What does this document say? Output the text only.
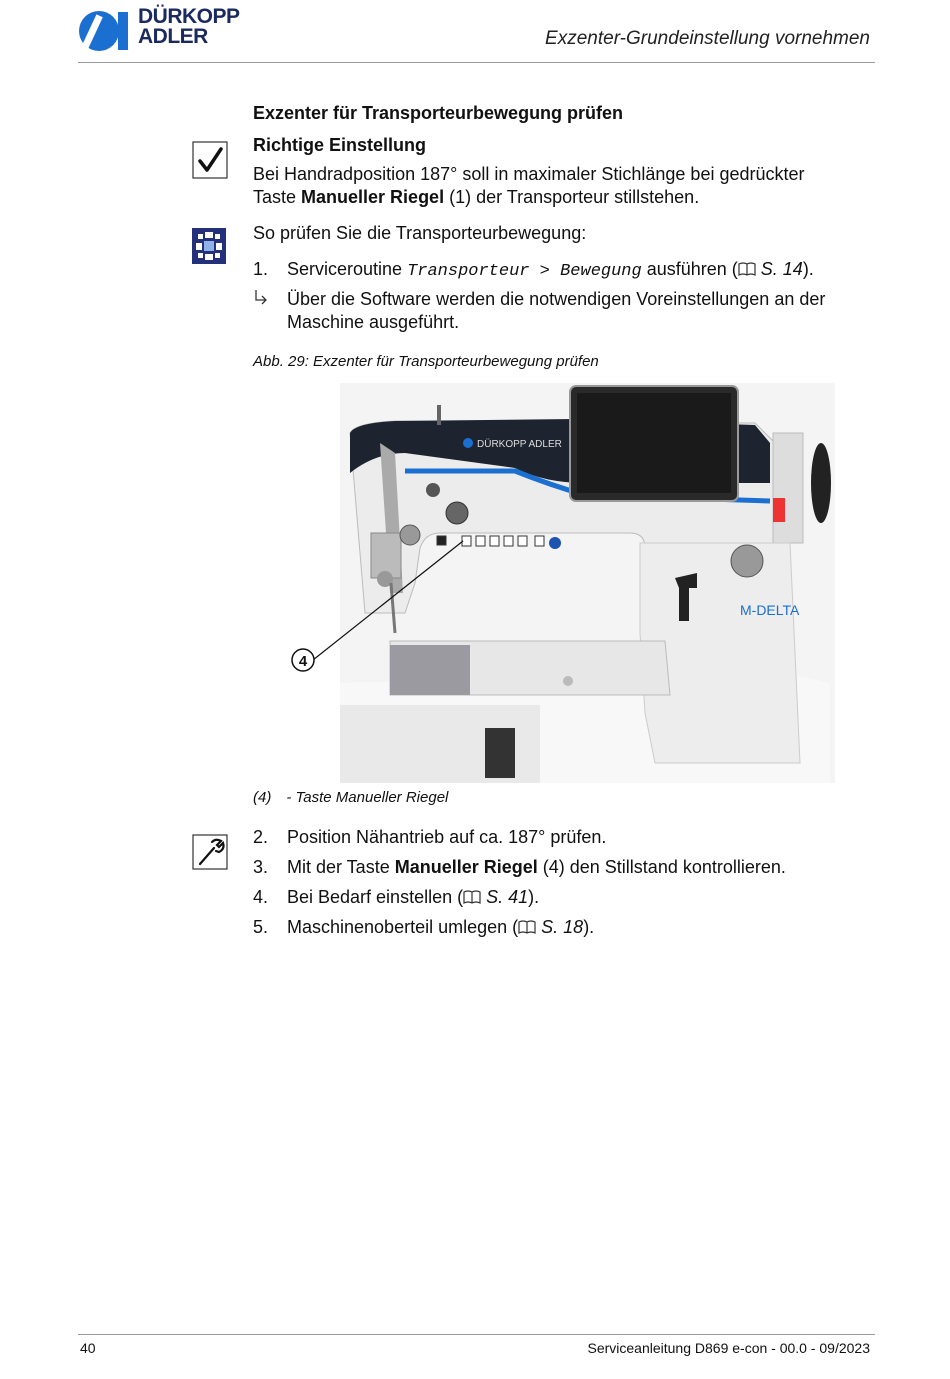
DÜRKOPP
ADLER	Exzenter-Grundeinstellung vornehmen
Exzenter für Transporteurbewegung prüfen
Richtige Einstellung
Bei Handradposition 187° soll in maximaler Stichlänge bei gedrückter
Taste Manueller Riegel (1) der Transporteur stillstehen.
So prüfen Sie die Transporteurbewegung:
1. Serviceroutine Transporteur > Bewegung ausführen ( S. 14).
Über die Software werden die notwendigen Voreinstellungen an der
Maschine ausgeführt.
Abb. 29: Exzenter für Transporteurbewegung prüfen
DÜRKOPP ADLER
M-DELTA
4
(4) - Taste Manueller Riegel
2. Position Nähantrieb auf ca. 187° prüfen.
3. Mit der Taste Manueller Riegel (4) den Stillstand kontrollieren.
4. Bei Bedarf einstellen ( S. 41).
5. Maschinenoberteil umlegen ( S. 18).
40	Serviceanleitung D869 e-con - 00.0 - 09/2023
